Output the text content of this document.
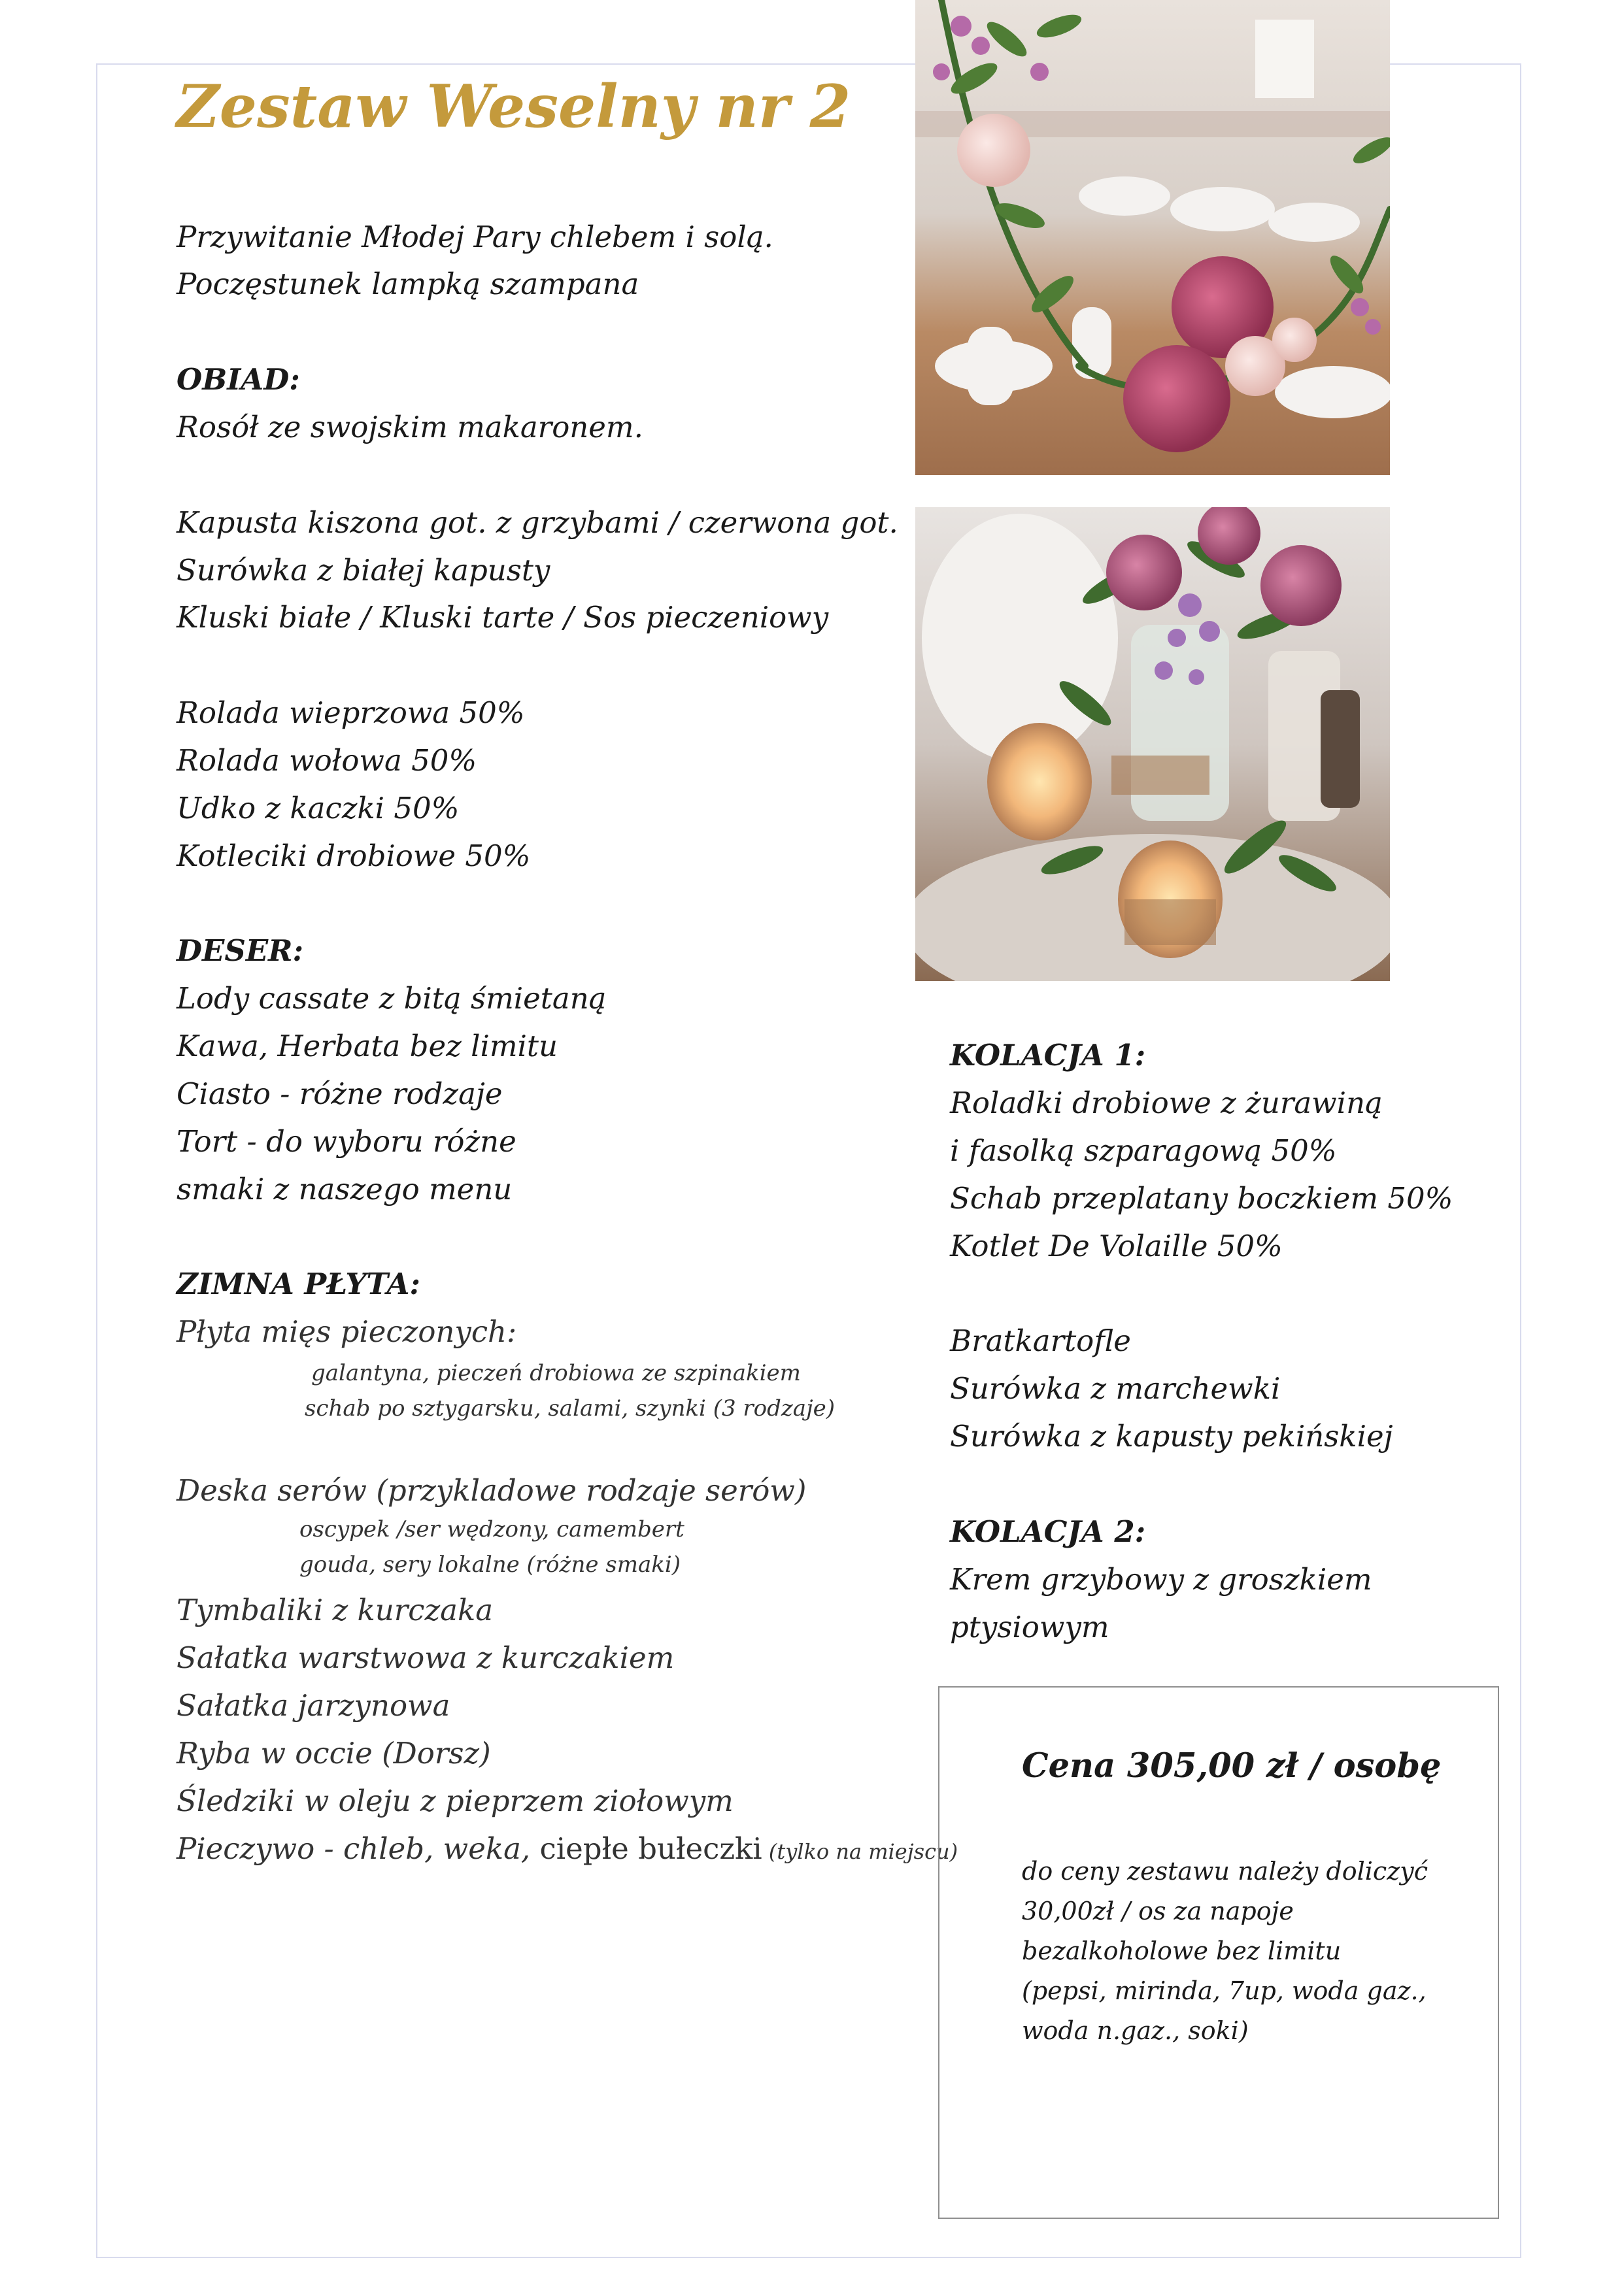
Zestaw Weselny nr 2
Przywitanie Młodej Pary chlebem i solą.
Poczęstunek lampką szampana
OBIAD:
Rosół ze swojskim makaronem.
Kapusta kiszona got. z grzybami / czerwona got.
Surówka z białej kapusty
Kluski białe / Kluski tarte / Sos pieczeniowy
Rolada wieprzowa 50%
Rolada wołowa 50%
Udko z kaczki 50%
Kotleciki drobiowe 50%
DESER:
Lody cassate z bitą śmietaną
Kawa, Herbata bez limitu
Ciasto - różne rodzaje
Tort - do wyboru różne
smaki z naszego menu
ZIMNA PŁYTA:
Płyta mięs pieczonych:
galantyna, pieczeń drobiowa ze szpinakiem
schab po sztygarsku, salami, szynki (3 rodzaje)
Deska serów (przykladowe rodzaje serów)
oscypek /ser wędzony, camembert
gouda, sery lokalne (różne smaki)
Tymbaliki z kurczaka
Sałatka warstwowa z kurczakiem
Sałatka jarzynowa
Ryba w occie (Dorsz)
Śledziki w oleju z pieprzem ziołowym
Pieczywo - chleb, weka, ciepłe bułeczki (tylko na miejscu)
KOLACJA 1:
Roladki drobiowe z żurawiną
i fasolką szparagową 50%
Schab przeplatany boczkiem 50%
Kotlet De Volaille 50%
Bratkartofle
Surówka z marchewki
Surówka z kapusty pekińskiej
KOLACJA 2:
Krem grzybowy z groszkiem
ptysiowym
Cena 305,00 zł / osobę
do ceny zestawu należy doliczyć
30,00zł / os za napoje
bezalkoholowe bez limitu
(pepsi, mirinda, 7up, woda gaz.,
woda n.gaz., soki)
